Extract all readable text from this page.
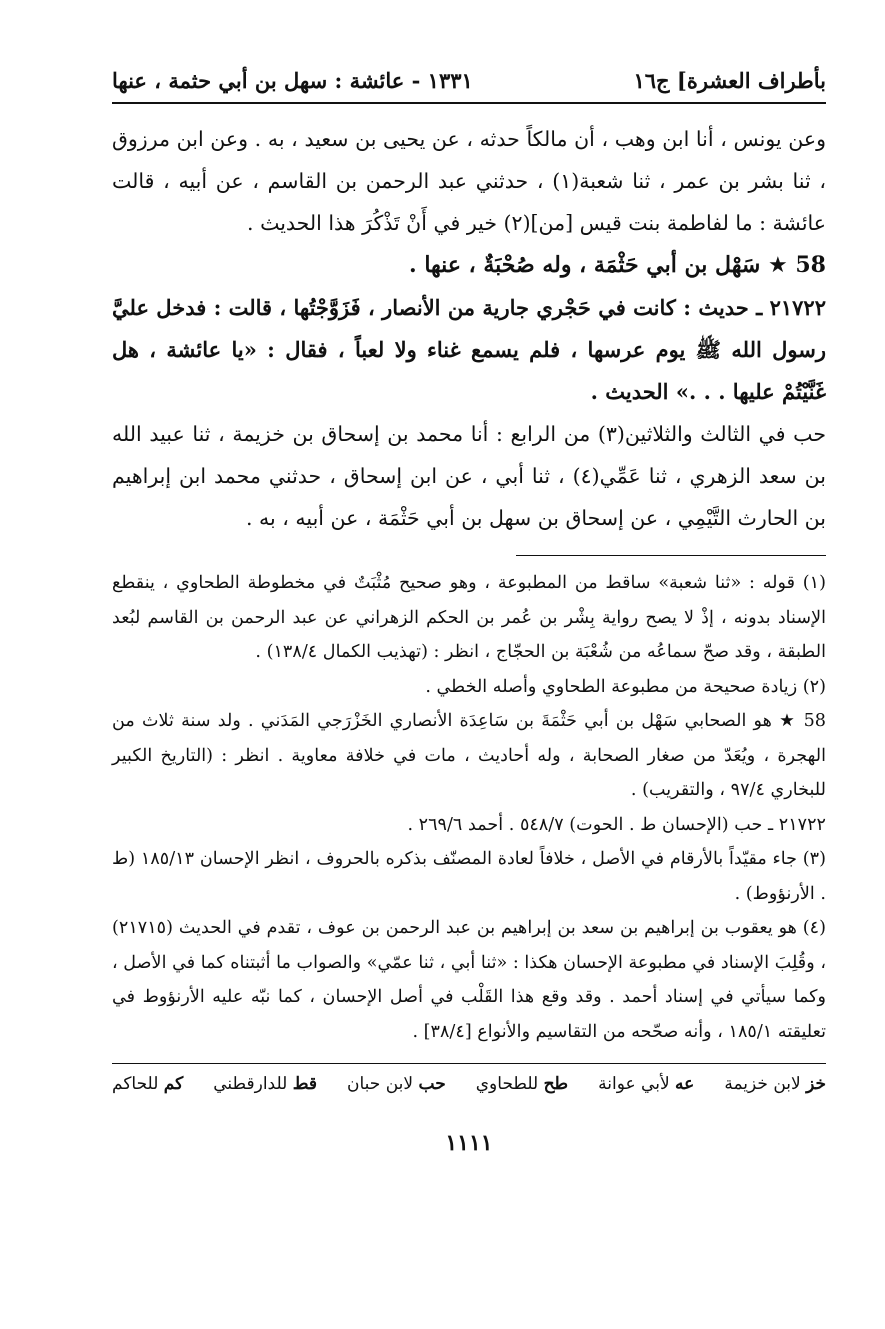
بأطراف العشرة] ج١٦
١٣٣١ - عائشة : سهل بن أبي حثمة ، عنها

وعن يونس ، أنا ابن وهب ، أن مالكاً حدثه ، عن يحيى بن سعيد ، به . وعن ابن مرزوق ، ثنا بشر بن عمر ، ثنا شعبة(١) ، حدثني عبد الرحمن بن القاسم ، عن أبيه ، قالت عائشة : ما لفاطمة بنت قيس [من](٢) خير في أَنْ تَذْكُرَ هذا الحديث .

58 ★ سَهْل بن أبي حَثْمَة ، وله صُحْبَةٌ ، عنها .

٢١٧٢٢ ـ حديث : كانت في حَجْري جارية من الأنصار ، فَزَوَّجْتُها ، قالت : فدخل عليَّ رسول الله ﷺ يوم عرسها ، فلم يسمع غناء ولا لعباً ، فقال : «يا عائشة ، هل غَنَّيْتُمْ عليها . . .» الحديث .

حب في الثالث والثلاثين(٣) من الرابع : أنا محمد بن إسحاق بن خزيمة ، ثنا عبيد الله بن سعد الزهري ، ثنا عَمِّي(٤) ، ثنا أبي ، عن ابن إسحاق ، حدثني محمد ابن إبراهيم بن الحارث التَّيْمِي ، عن إسحاق بن سهل بن أبي حَثْمَة ، عن أبيه ، به .

(١) قوله : «ثنا شعبة» ساقط من المطبوعة ، وهو صحيح مُثْبَتٌ في مخطوطة الطحاوي ، ينقطع الإسناد بدونه ، إذْ لا يصح رواية بِشْر بن عُمر بن الحكم الزهراني عن عبد الرحمن بن القاسم لبُعد الطبقة ، وقد صحّ سماعُه من شُعْبَة بن الحجّاج ، انظر : (تهذيب الكمال ١٣٨/٤) .

(٢) زيادة صحيحة من مطبوعة الطحاوي وأصله الخطي .

58 ★ هو الصحابي سَهْل بن أبي حَثْمَةَ بن سَاعِدَة الأنصاري الخَزْرَجي المَدَني . ولد سنة ثلاث من الهجرة ، ويُعَدّ من صغار الصحابة ، وله أحاديث ، مات في خلافة معاوية . انظر : (التاريخ الكبير للبخاري ٩٧/٤ ، والتقريب) .

٢١٧٢٢ ـ حب (الإحسان ط . الحوت) ٥٤٨/٧ . أحمد ٢٦٩/٦ .

(٣) جاء مقيّداً بالأرقام في الأصل ، خلافاً لعادة المصنّف بذكره بالحروف ، انظر الإحسان ١٨٥/١٣ (ط . الأرنؤوط) .

(٤) هو يعقوب بن إبراهيم بن سعد بن إبراهيم بن عبد الرحمن بن عوف ، تقدم في الحديث (٢١٧١٥) ، وقُلِبَ الإسناد في مطبوعة الإحسان هكذا : «ثنا أبي ، ثنا عمّي» والصواب ما أثبتناه كما في الأصل ، وكما سيأتي في إسناد أحمد . وقد وقع هذا القَلْب في أصل الإحسان ، كما نبّه عليه الأرنؤوط في تعليقته ١٨٥/١ ، وأنه صحّحه من التقاسيم والأنواع [٣٨/٤] .

خز لابن خزيمة
عه لأبي عوانة
طح للطحاوي
حب لابن حبان
قط للدارقطني
كم للحاكم
١١١١
